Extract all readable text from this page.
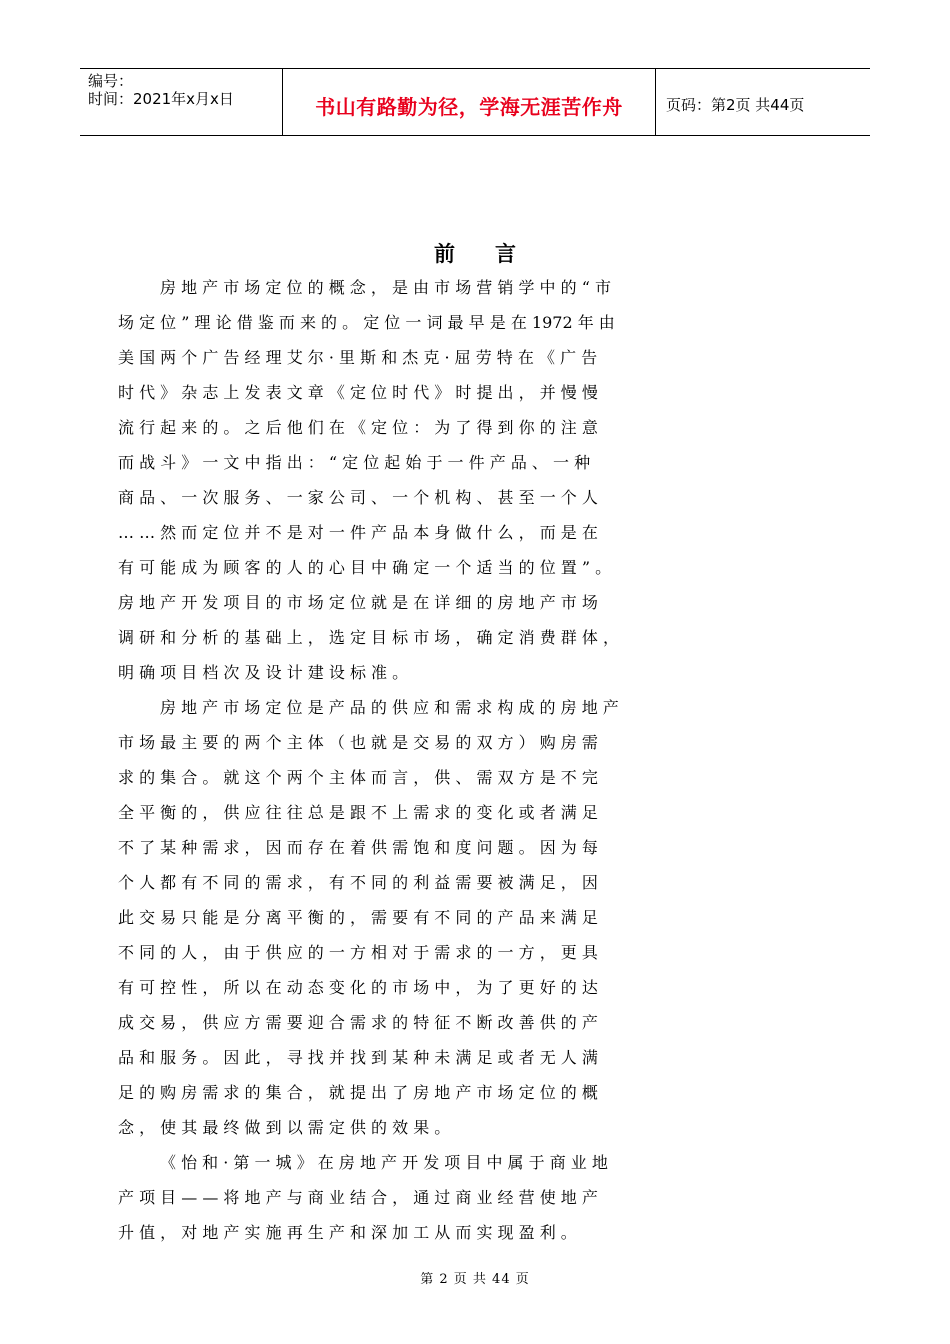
编号：
时间：2021年x月x日	书山有路勤为径，学海无涯苦作舟	页码：第2页 共44页
前言
房 地 产 市 场 定 位 的 概 念 ， 是 由 市 场 营 销 学 中 的 “ 市
场 定 位 ” 理 论 借 鉴 而 来 的 。 定 位 一 词 最 早 是 在 1972 年 由
美 国 两 个 广 告 经 理 艾 尔 · 里 斯 和 杰 克 · 屈 劳 特 在 《 广 告
时 代 》 杂 志 上 发 表 文 章 《 定 位 时 代 》 时 提 出 ， 并 慢 慢
流 行 起 来 的 。 之 后 他 们 在 《 定 位 ： 为 了 得 到 你 的 注 意
而 战 斗 》 一 文 中 指 出 ： “ 定 位 起 始 于 一 件 产 品 、 一 种
商 品 、 一 次 服 务 、 一 家 公 司 、 一 个 机 构 、 甚 至 一 个 人
… … 然 而 定 位 并 不 是 对 一 件 产 品 本 身 做 什 么 ， 而 是 在
有 可 能 成 为 顾 客 的 人 的 心 目 中 确 定 一 个 适 当 的 位 置 ” 。
房 地 产 开 发 项 目 的 市 场 定 位 就 是 在 详 细 的 房 地 产 市 场
调 研 和 分 析 的 基 础 上 ， 选 定 目 标 市 场 ， 确 定 消 费 群 体 ，
明 确 项 目 档 次 及 设 计 建 设 标 准 。
房 地 产 市 场 定 位 是 产 品 的 供 应 和 需 求 构 成 的 房 地 产
市 场 最 主 要 的 两 个 主 体 （ 也 就 是 交 易 的 双 方 ） 购 房 需
求 的 集 合 。 就 这 个 两 个 主 体 而 言 ， 供 、 需 双 方 是 不 完
全 平 衡 的 ， 供 应 往 往 总 是 跟 不 上 需 求 的 变 化 或 者 满 足
不 了 某 种 需 求 ， 因 而 存 在 着 供 需 饱 和 度 问 题 。 因 为 每
个 人 都 有 不 同 的 需 求 ， 有 不 同 的 利 益 需 要 被 满 足 ， 因
此 交 易 只 能 是 分 离 平 衡 的 ， 需 要 有 不 同 的 产 品 来 满 足
不 同 的 人 ， 由 于 供 应 的 一 方 相 对 于 需 求 的 一 方 ， 更 具
有 可 控 性 ， 所 以 在 动 态 变 化 的 市 场 中 ， 为 了 更 好 的 达
成 交 易 ， 供 应 方 需 要 迎 合 需 求 的 特 征 不 断 改 善 供 的 产
品 和 服 务 。 因 此 ， 寻 找 并 找 到 某 种 未 满 足 或 者 无 人 满
足 的 购 房 需 求 的 集 合 ， 就 提 出 了 房 地 产 市 场 定 位 的 概
念 ， 使 其 最 终 做 到 以 需 定 供 的 效 果 。
《 怡 和 · 第 一 城 》 在 房 地 产 开 发 项 目 中 属 于 商 业 地
产 项 目 — — 将 地 产 与 商 业 结 合 ， 通 过 商 业 经 营 使 地 产
升 值 ， 对 地 产 实 施 再 生 产 和 深 加 工 从 而 实 现 盈 利 。
第 2 页 共 44 页
